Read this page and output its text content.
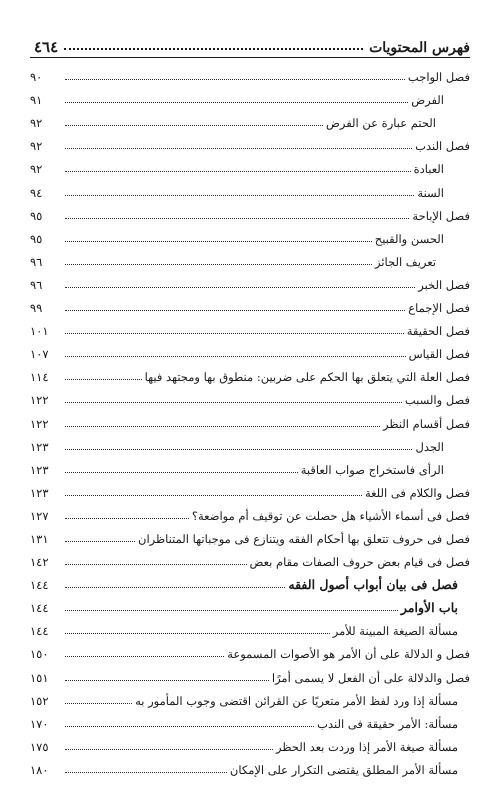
فهرس المحتويات
٤٦٤
فصل الواجب
٩٠
الفرض
٩١
الحتم عبارة عن الفرض
٩٢
فصل الندب
٩٢
العبادة
٩٢
السنة
٩٤
فصل الإباحة
٩٥
الحسن والقبيح
٩٥
تعريف الجائز
٩٦
فصل الخبر
٩٦
فصل الإجماع
٩٩
فصل الحقيقة
١٠١
فصل القياس
١٠٧
فصل العلة التي يتعلق بها الحكم على ضربين: منطوق بها ومجتهد فيها
١١٤
فصل والسبب
١٢٢
فصل أقسام النظر
١٢٢
الجدل
١٢٣
الرأى فاستخراج صواب العاقبة
١٢٣
فصل والكلام فى اللغة
١٢٣
فصل فى أسماء الأشياء هل حصلت عن توقيف أم مواضعة؟
١٢٧
فصل فى حروف تتعلق بها أحكام الفقه ويتنازع فى موجباتها المتناظران
١٣١
فصل فى قيام بعض حروف الصفات مقام بعض
١٤٢
فصل فى بيان أبواب أصول الفقه
١٤٤
باب الأوامر
١٤٤
مسألة الصيغة المبينة للأمر
١٤٤
فصل و الدلالة على أن الأمر هو الأصوات المسموعة
١٥٠
فصل والدلالة على أن الفعل لا يسمى أمرًا
١٥١
مسألة إذا ورد لفظ الأمر متعريًا عن القرائن اقتضى وجوب المأمور به
١٥٢
مسألة: الأمر حقيقة فى الندب
١٧٠
مسألة صيغة الأمر إذا وردت بعد الحظر
١٧٥
مسألة الأمر المطلق يقتضى التكرار على الإمكان
١٨٠
